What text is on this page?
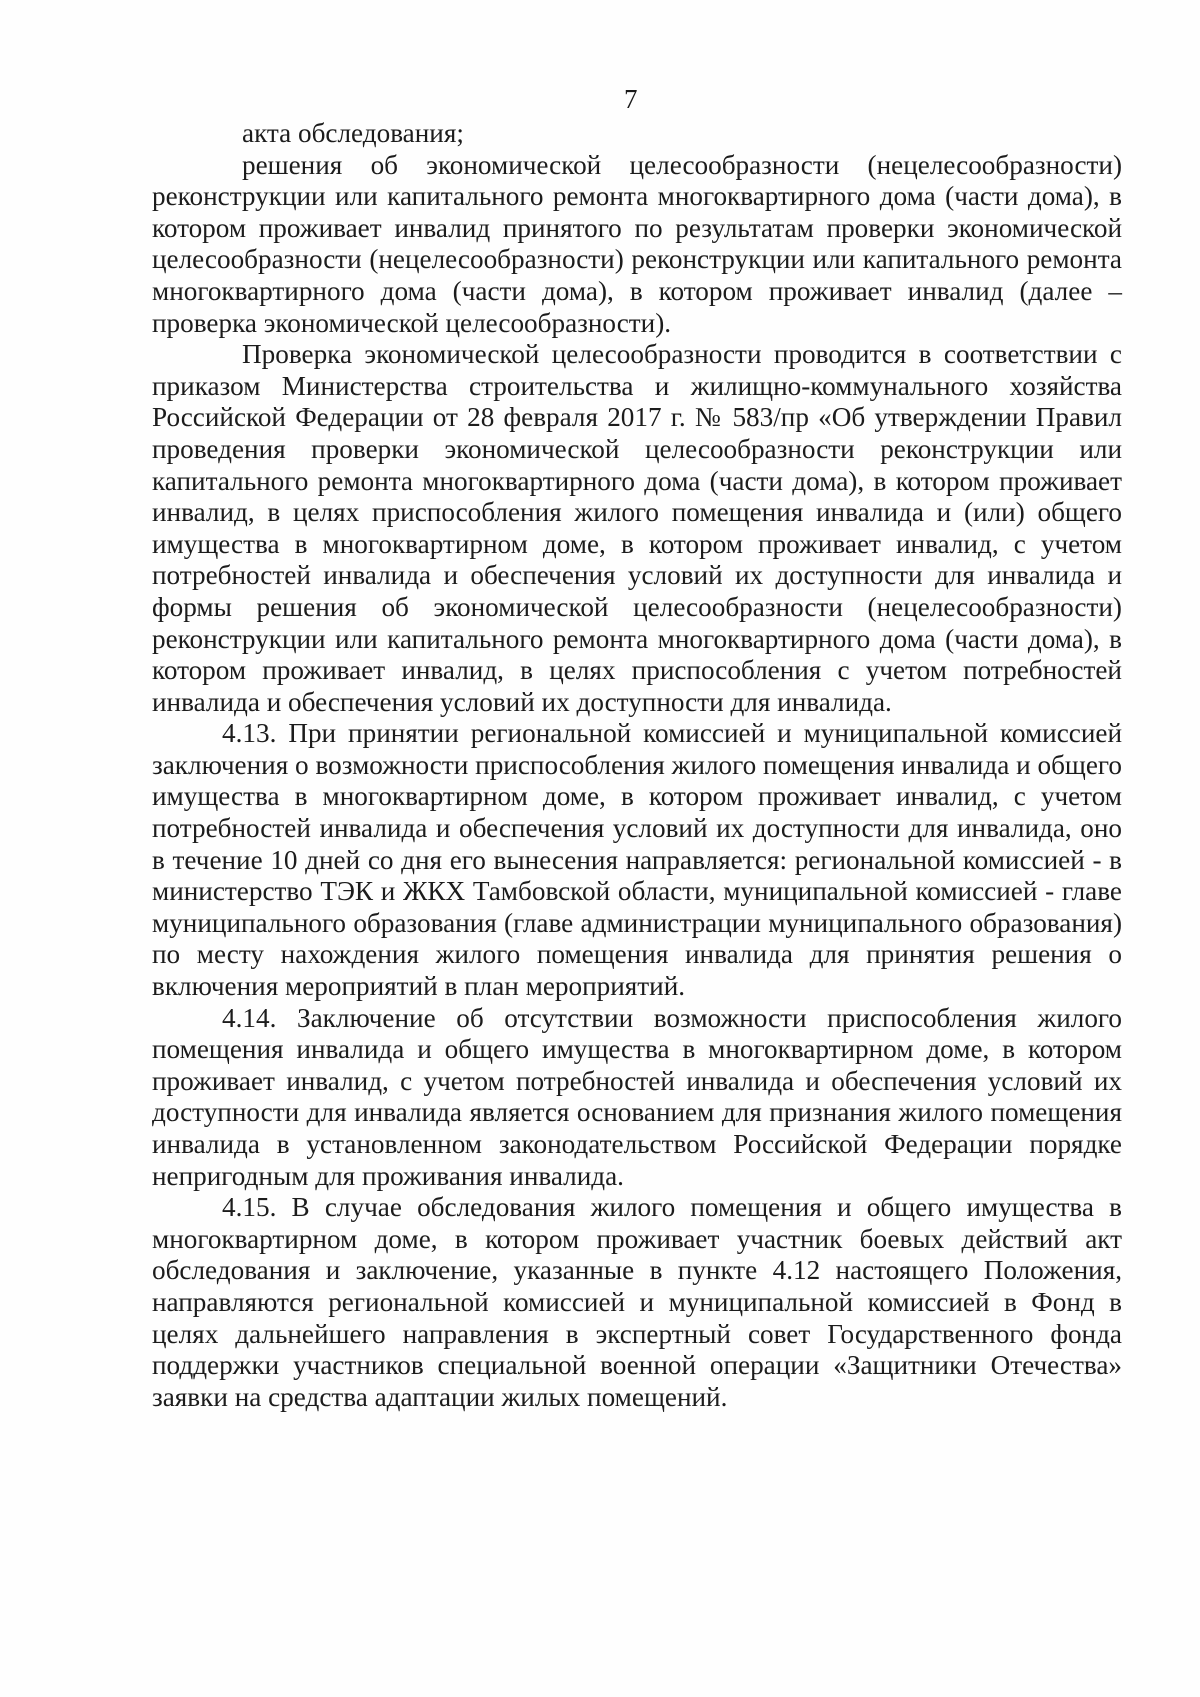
7

акта обследования;

решения об экономической целесообразности (нецелесообразности) реконструкции или капитального ремонта многоквартирного дома (части дома), в котором проживает инвалид принятого по результатам проверки экономической целесообразности (нецелесообразности) реконструкции или капитального ремонта многоквартирного дома (части дома), в котором проживает инвалид (далее – проверка экономической целесообразности).

Проверка экономической целесообразности проводится в соответствии с приказом Министерства строительства и жилищно-коммунального хозяйства Российской Федерации от 28 февраля 2017 г. № 583/пр «Об утверждении Правил проведения проверки экономической целесообразности реконструкции или капитального ремонта многоквартирного дома (части дома), в котором проживает инвалид, в целях приспособления жилого помещения инвалида и (или) общего имущества в многоквартирном доме, в котором проживает инвалид, с учетом потребностей инвалида и обеспечения условий их доступности для инвалида и формы решения об экономической целесообразности (нецелесообразности) реконструкции или капитального ремонта многоквартирного дома (части дома), в котором проживает инвалид, в целях приспособления с учетом потребностей инвалида и обеспечения условий их доступности для инвалида.

4.13. При принятии региональной комиссией и муниципальной комиссией заключения о возможности приспособления жилого помещения инвалида и общего имущества в многоквартирном доме, в котором проживает инвалид, с учетом потребностей инвалида и обеспечения условий их доступности для инвалида, оно в течение 10 дней со дня его вынесения направляется: региональной комиссией - в министерство ТЭК и ЖКХ Тамбовской области, муниципальной комиссией - главе муниципального образования (главе администрации муниципального образования) по месту нахождения жилого помещения инвалида для принятия решения о включения мероприятий в план мероприятий.

4.14. Заключение об отсутствии возможности приспособления жилого помещения инвалида и общего имущества в многоквартирном доме, в котором проживает инвалид, с учетом потребностей инвалида и обеспечения условий их доступности для инвалида является основанием для признания жилого помещения инвалида в установленном законодательством Российской Федерации порядке непригодным для проживания инвалида.

4.15. В случае обследования жилого помещения и общего имущества в многоквартирном доме, в котором проживает участник боевых действий акт обследования и заключение, указанные в пункте 4.12 настоящего Положения, направляются региональной комиссией и муниципальной комиссией в Фонд в целях дальнейшего направления в экспертный совет Государственного фонда поддержки участников специальной военной операции «Защитники Отечества» заявки на средства адаптации жилых помещений.
